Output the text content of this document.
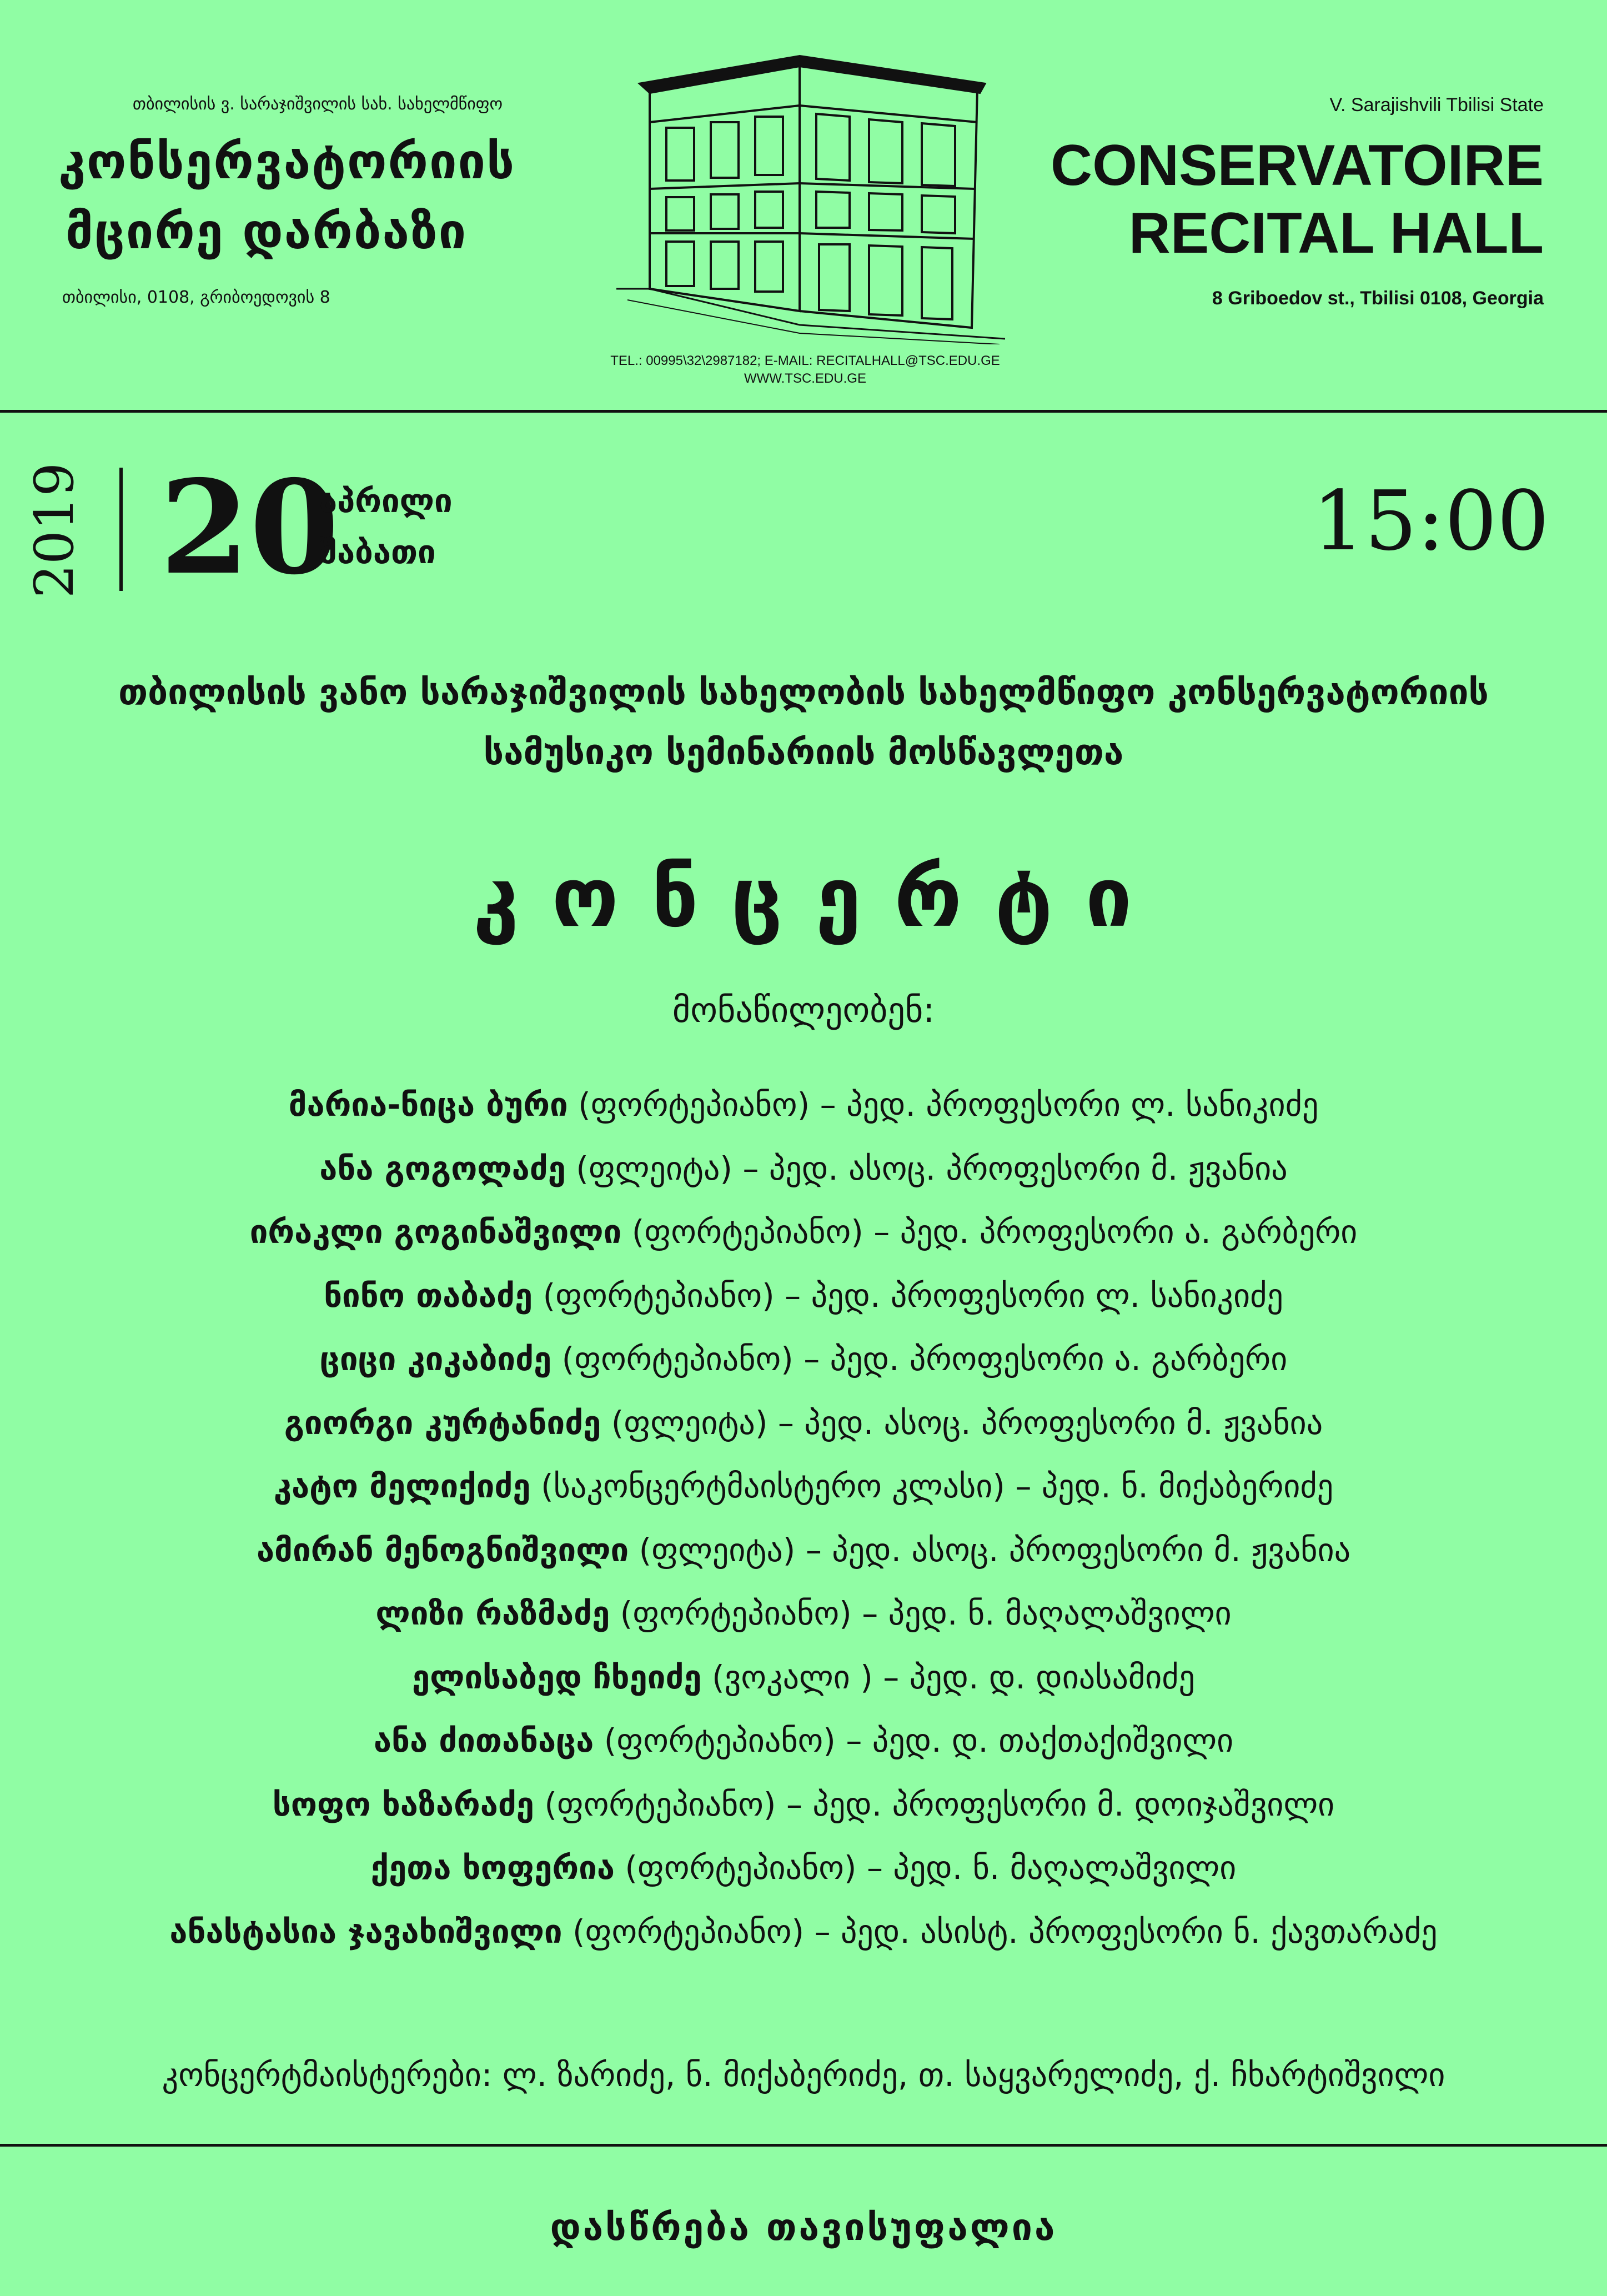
თბილისის ვ. სარაჯიშვილის სახ. სახელმწიფო
კონსერვატორიის
მცირე დარბაზი
თბილისი, 0108, გრიბოედოვის 8
V. Sarajishvili Tbilisi State
CONSERVATOIRE
RECITAL HALL
8 Griboedov st., Tbilisi 0108, Georgia
TEL.: 00995\32\2987182; E-MAIL: RECITALHALL@TSC.EDU.GE
WWW.TSC.EDU.GE
2019 20
აპრილი
შაბათი	15:00
თბილისის ვანო სარაჯიშვილის სახელობის სახელმწიფო კონსერვატორიის
სამუსიკო სემინარიის მოსწავლეთა
კ ო ნ ც ე რ ტ ი
მონაწილეობენ:
მარია-ნიცა ბური (ფორტეპიანო) – პედ. პროფესორი ლ. სანიკიძე
ანა გოგოლაძე (ფლეიტა) – პედ. ასოც. პროფესორი მ. ჟვანია
ირაკლი გოგინაშვილი (ფორტეპიანო) – პედ. პროფესორი ა. გარბერი
ნინო თაბაძე (ფორტეპიანო) – პედ. პროფესორი ლ. სანიკიძე
ციცი კიკაბიძე (ფორტეპიანო) – პედ. პროფესორი ა. გარბერი
გიორგი კურტანიძე (ფლეიტა) – პედ. ასოც. პროფესორი მ. ჟვანია
კატო მელიქიძე (საკონცერტმაისტერო კლასი) – პედ. ნ. მიქაბერიძე
ამირან მენოგნიშვილი (ფლეიტა) – პედ. ასოც. პროფესორი მ. ჟვანია
ლიზი რაზმაძე (ფორტეპიანო) – პედ. ნ. მაღალაშვილი
ელისაბედ ჩხეიძე (ვოკალი ) – პედ. დ. დიასამიძე
ანა ძითანაცა (ფორტეპიანო) – პედ. დ. თაქთაქიშვილი
სოფო ხაზარაძე (ფორტეპიანო) – პედ. პროფესორი მ. დოიჯაშვილი
ქეთა ხოფერია (ფორტეპიანო) – პედ. ნ. მაღალაშვილი
ანასტასია ჯავახიშვილი (ფორტეპიანო) – პედ. ასისტ. პროფესორი ნ. ქავთარაძე
კონცერტმაისტერები: ლ. ზარიძე, ნ. მიქაბერიძე, თ. საყვარელიძე, ქ. ჩხარტიშვილი
დასწრება თავისუფალია
